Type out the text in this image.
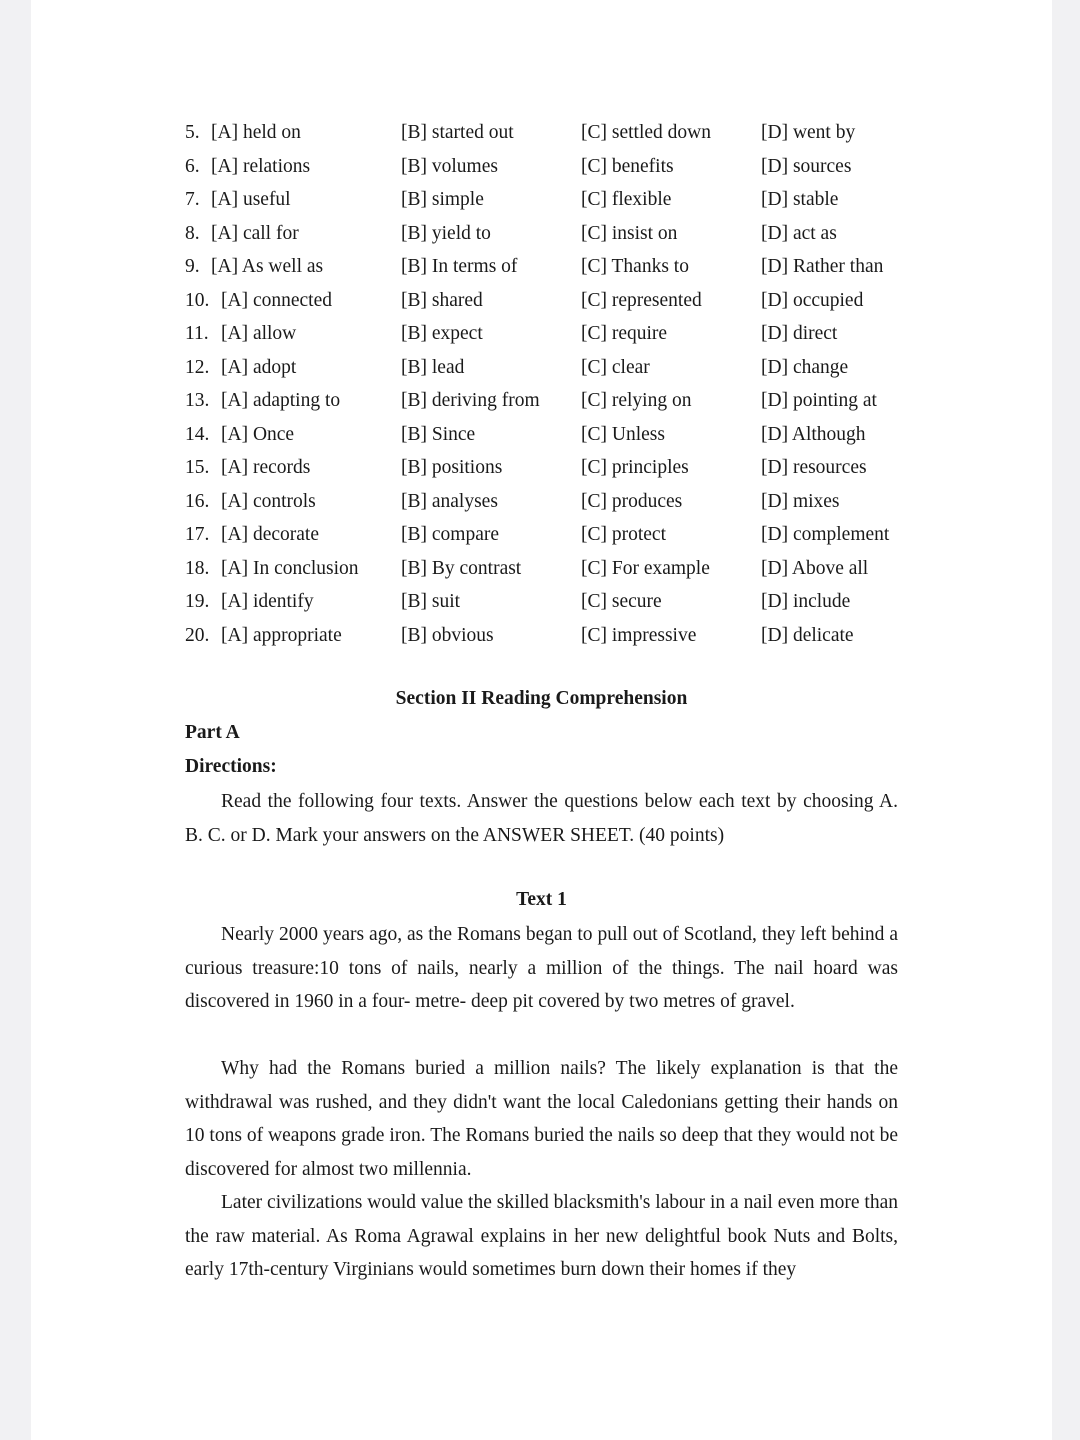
5. [A] held on	[B] started out	[C] settled down	[D] went by
6. [A] relations	[B] volumes	[C] benefits	[D] sources
7. [A] useful	[B] simple	[C] flexible	[D] stable
8. [A] call for	[B] yield to	[C] insist on	[D] act as
9. [A] As well as	[B] In terms of	[C] Thanks to	[D] Rather than
10. [A] connected	[B] shared	[C] represented	[D] occupied
11. [A] allow	[B] expect	[C] require	[D] direct
12. [A] adopt	[B] lead	[C] clear	[D] change
13. [A] adapting to	[B] deriving from [C] relying on	[D] pointing at
14. [A] Once	[B] Since	[C] Unless	[D] Although
15. [A] records	[B] positions	[C] principles	[D] resources
16. [A] controls	[B] analyses	[C] produces	[D] mixes
17. [A] decorate	[B] compare	[C] protect	[D] complement
18. [A] In conclusion [B] By contrast	[C] For example	[D] Above all
19. [A] identify	[B] suit	[C] secure	[D] include
20. [A] appropriate	[B] obvious	[C] impressive	[D] delicate
Section II Reading Comprehension
Part A
Directions:
Read the following four texts. Answer the questions below each text by choosing A. B. C. or D. Mark your answers on the ANSWER SHEET. (40 points)
Text 1
Nearly 2000 years ago, as the Romans began to pull out of Scotland, they left behind a curious treasure:10 tons of nails, nearly a million of the things. The nail hoard was discovered in 1960 in a four- metre- deep pit covered by two metres of gravel.
Why had the Romans buried a million nails? The likely explanation is that the withdrawal was rushed, and they didn't want the local Caledonians getting their hands on 10 tons of weapons grade iron. The Romans buried the nails so deep that they would not be discovered for almost two millennia.
Later civilizations would value the skilled blacksmith's labour in a nail even more than the raw material. As Roma Agrawal explains in her new delightful book Nuts and Bolts, early 17th-century Virginians would sometimes burn down their homes if they
